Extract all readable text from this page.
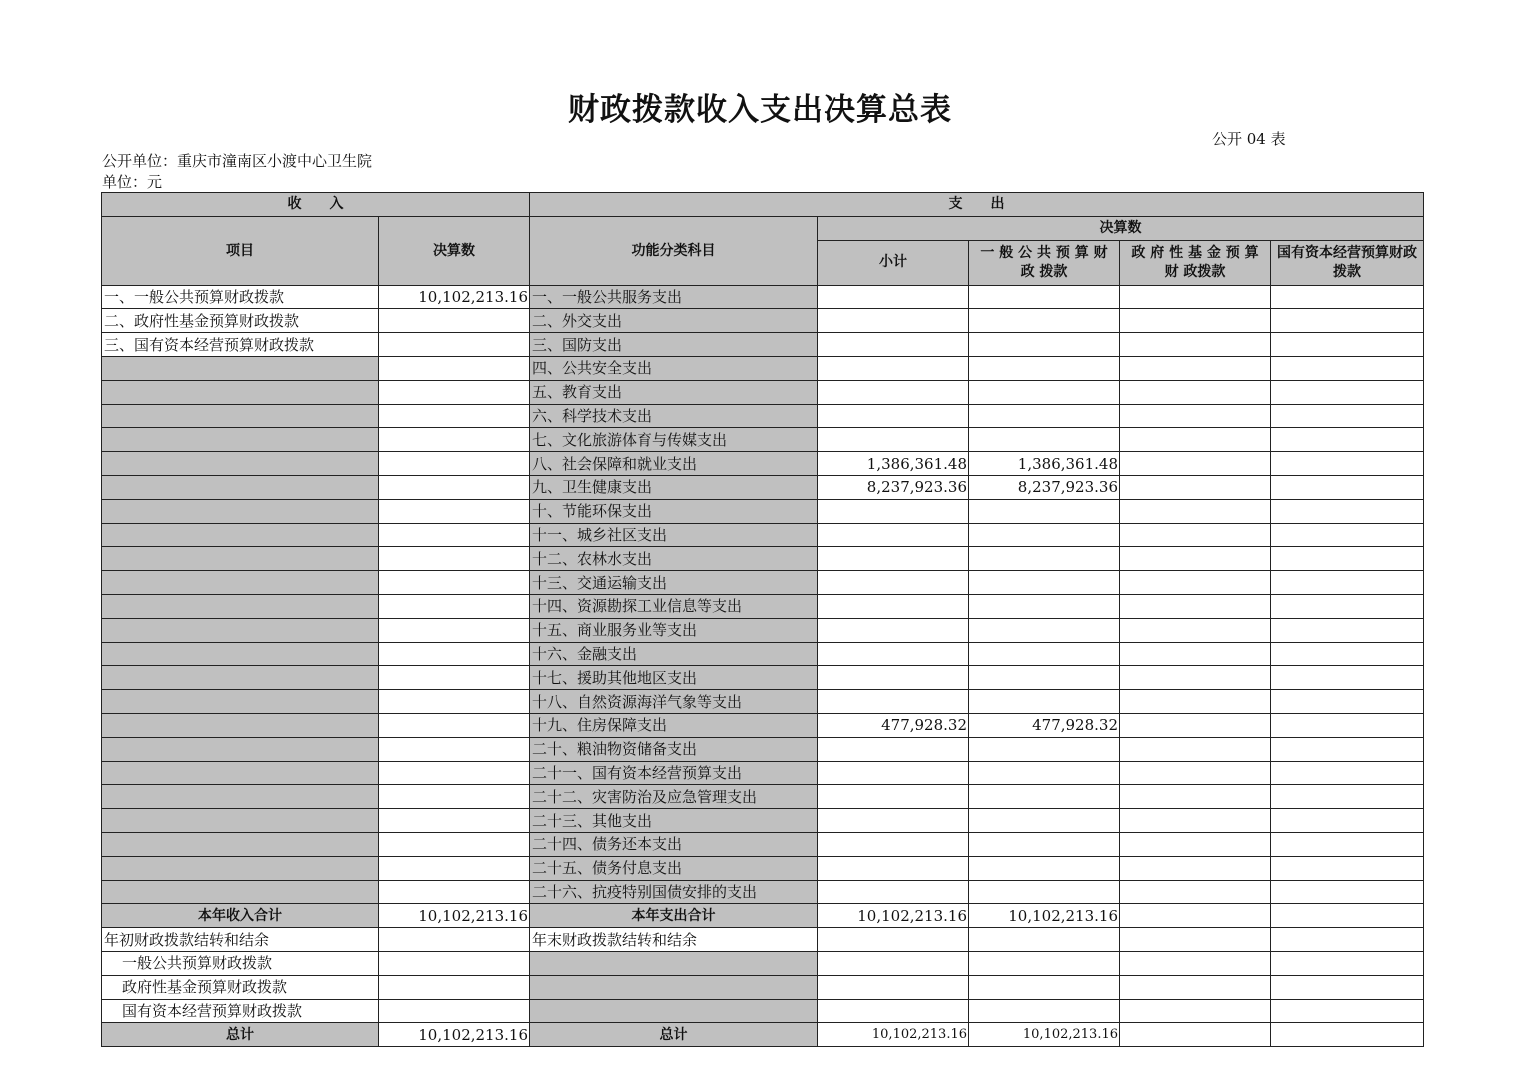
财政拨款收入支出决算总表
公开 04 表
公开单位：重庆市潼南区小渡中心卫生院
单位：元
收　　入		支　　出				
项目	决算数	功能分类科目	决算数			
			小计	一 般 公 共 预 算 财 政 拨款	政 府 性 基 金 预 算 财 政拨款	国有资本经营预算财政拨款
一、一般公共预算财政拨款	10,102,213.16	一、一般公共服务支出				
二、政府性基金预算财政拨款		二、外交支出				
三、国有资本经营预算财政拨款		三、国防支出				
		四、公共安全支出				
		五、教育支出				
		六、科学技术支出				
		七、文化旅游体育与传媒支出				
		八、社会保障和就业支出	1,386,361.48	1,386,361.48		
		九、卫生健康支出	8,237,923.36	8,237,923.36		
		十、节能环保支出				
		十一、城乡社区支出				
		十二、农林水支出				
		十三、交通运输支出				
		十四、资源勘探工业信息等支出				
		十五、商业服务业等支出				
		十六、金融支出				
		十七、援助其他地区支出				
		十八、自然资源海洋气象等支出				
		十九、住房保障支出	477,928.32	477,928.32		
		二十、粮油物资储备支出				
		二十一、国有资本经营预算支出				
		二十二、灾害防治及应急管理支出				
		二十三、其他支出				
		二十四、债务还本支出				
		二十五、债务付息支出				
		二十六、抗疫特别国债安排的支出				
本年收入合计	10,102,213.16	本年支出合计	10,102,213.16	10,102,213.16		
年初财政拨款结转和结余		年末财政拨款结转和结余				
一般公共预算财政拨款						
政府性基金预算财政拨款						
国有资本经营预算财政拨款						
总计	10,102,213.16	总计	10,102,213.16	10,102,213.16		
